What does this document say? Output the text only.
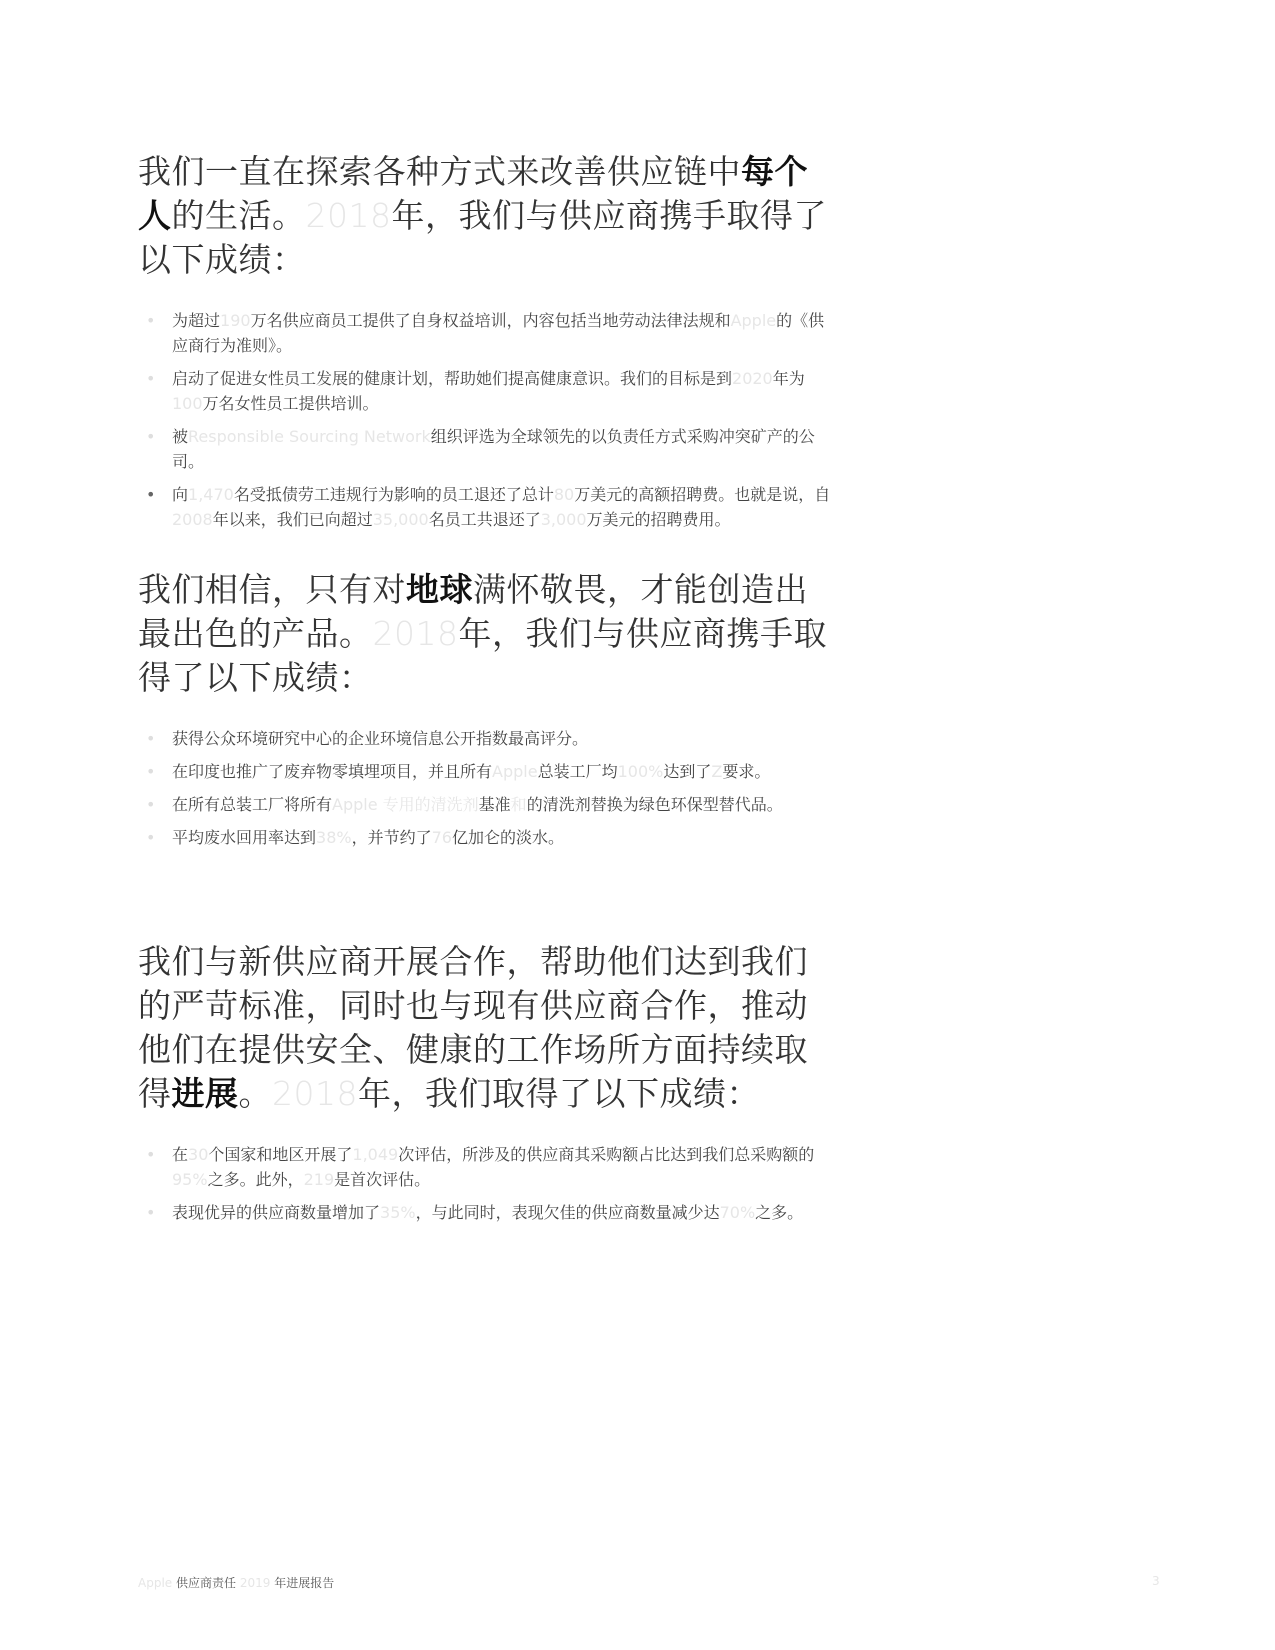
我们一直在探索各种方式来改善供应链中每个人的生活。2018年，我们与供应商携手取得了以下成绩：
• 为超过190万名供应商员工提供了自身权益培训，内容包括当地劳动法律法规和Apple的《供应商行为准则》。
• 启动了促进女性员工发展的健康计划，帮助她们提高健康意识。我们的目标是到2020年为100万名女性员工提供培训。
• 被Responsible Sourcing Network组织评选为全球领先的以负责任方式采购冲突矿产的公司。
• 向1,470名受抵债劳工违规行为影响的员工退还了总计80万美元的高额招聘费。也就是说，自2008年以来，我们已向超过35,000名员工共退还了3,000万美元的招聘费用。
我们相信，只有对地球满怀敬畏，才能创造出最出色的产品。2018年，我们与供应商携手取得了以下成绩：
• 获得公众环境研究中心的企业环境信息公开指数最高评分。
• 在印度也推广了废弃物零填埋项目，并且所有Apple总装工厂均100%达到了Z要求。
• 在所有总装工厂将所有Apple 专用的清洗剂基准和的清洗剂替换为绿色环保型替代品。
• 平均废水回用率达到38%，并节约了76亿加仑的淡水。
我们与新供应商开展合作，帮助他们达到我们的严苛标准，同时也与现有供应商合作，推动他们在提供安全、健康的工作场所方面持续取得进展。2018年，我们取得了以下成绩：
• 在30个国家和地区开展了1,049次评估，所涉及的供应商其采购额占比达到我们总采购额的95%之多。此外，219是首次评估。
• 表现优异的供应商数量增加了35%，与此同时，表现欠佳的供应商数量减少达70%之多。
Apple 供应商责任 2019 年进展报告	3
